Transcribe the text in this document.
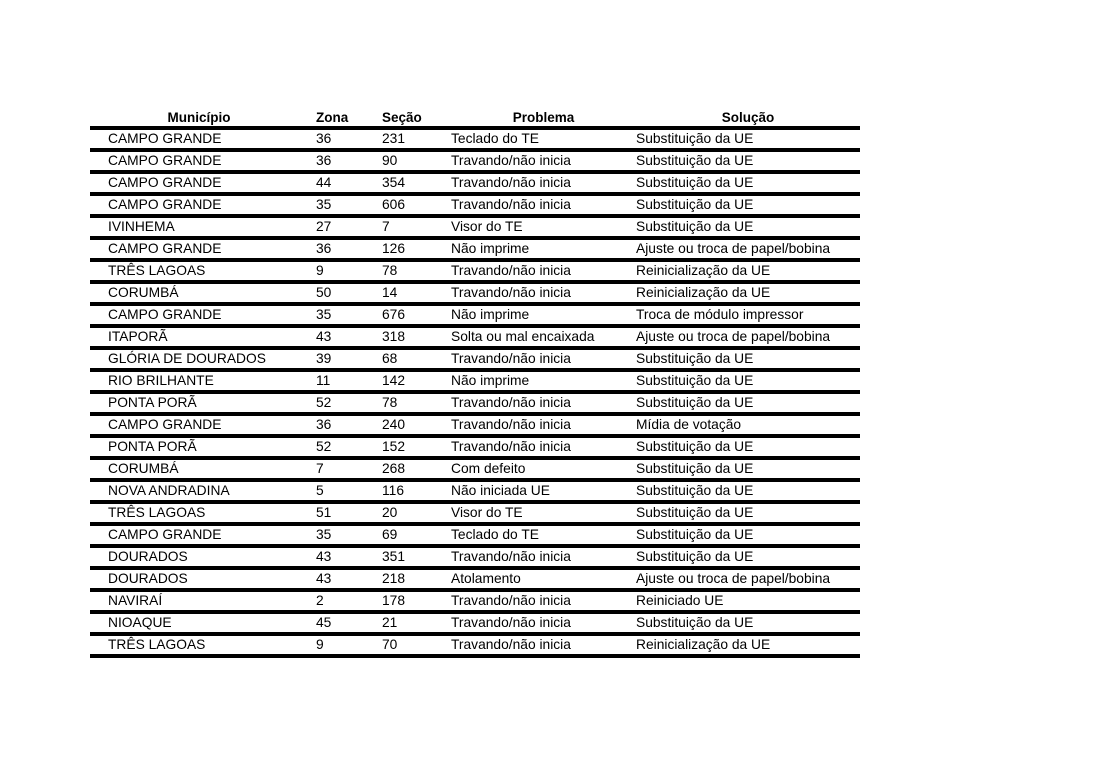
Município	Zona	Seção	Problema	Solução
CAMPO GRANDE	36	231	Teclado do TE	Substituição da UE
CAMPO GRANDE	36	90	Travando/não inicia	Substituição da UE
CAMPO GRANDE	44	354	Travando/não inicia	Substituição da UE
CAMPO GRANDE	35	606	Travando/não inicia	Substituição da UE
IVINHEMA	27	7	Visor do TE	Substituição da UE
CAMPO GRANDE	36	126	Não imprime	Ajuste ou troca de papel/bobina
TRÊS LAGOAS	9	78	Travando/não inicia	Reinicialização da UE
CORUMBÁ	50	14	Travando/não inicia	Reinicialização da UE
CAMPO GRANDE	35	676	Não imprime	Troca de módulo impressor
ITAPORÃ	43	318	Solta ou mal encaixada	Ajuste ou troca de papel/bobina
GLÓRIA DE DOURADOS	39	68	Travando/não inicia	Substituição da UE
RIO BRILHANTE	11	142	Não imprime	Substituição da UE
PONTA PORÃ	52	78	Travando/não inicia	Substituição da UE
CAMPO GRANDE	36	240	Travando/não inicia	Mídia de votação
PONTA PORÃ	52	152	Travando/não inicia	Substituição da UE
CORUMBÁ	7	268	Com defeito	Substituição da UE
NOVA ANDRADINA	5	116	Não iniciada UE	Substituição da UE
TRÊS LAGOAS	51	20	Visor do TE	Substituição da UE
CAMPO GRANDE	35	69	Teclado do TE	Substituição da UE
DOURADOS	43	351	Travando/não inicia	Substituição da UE
DOURADOS	43	218	Atolamento	Ajuste ou troca de papel/bobina
NAVIRAÍ	2	178	Travando/não inicia	Reiniciado UE
NIOAQUE	45	21	Travando/não inicia	Substituição da UE
TRÊS LAGOAS	9	70	Travando/não inicia	Reinicialização da UE
